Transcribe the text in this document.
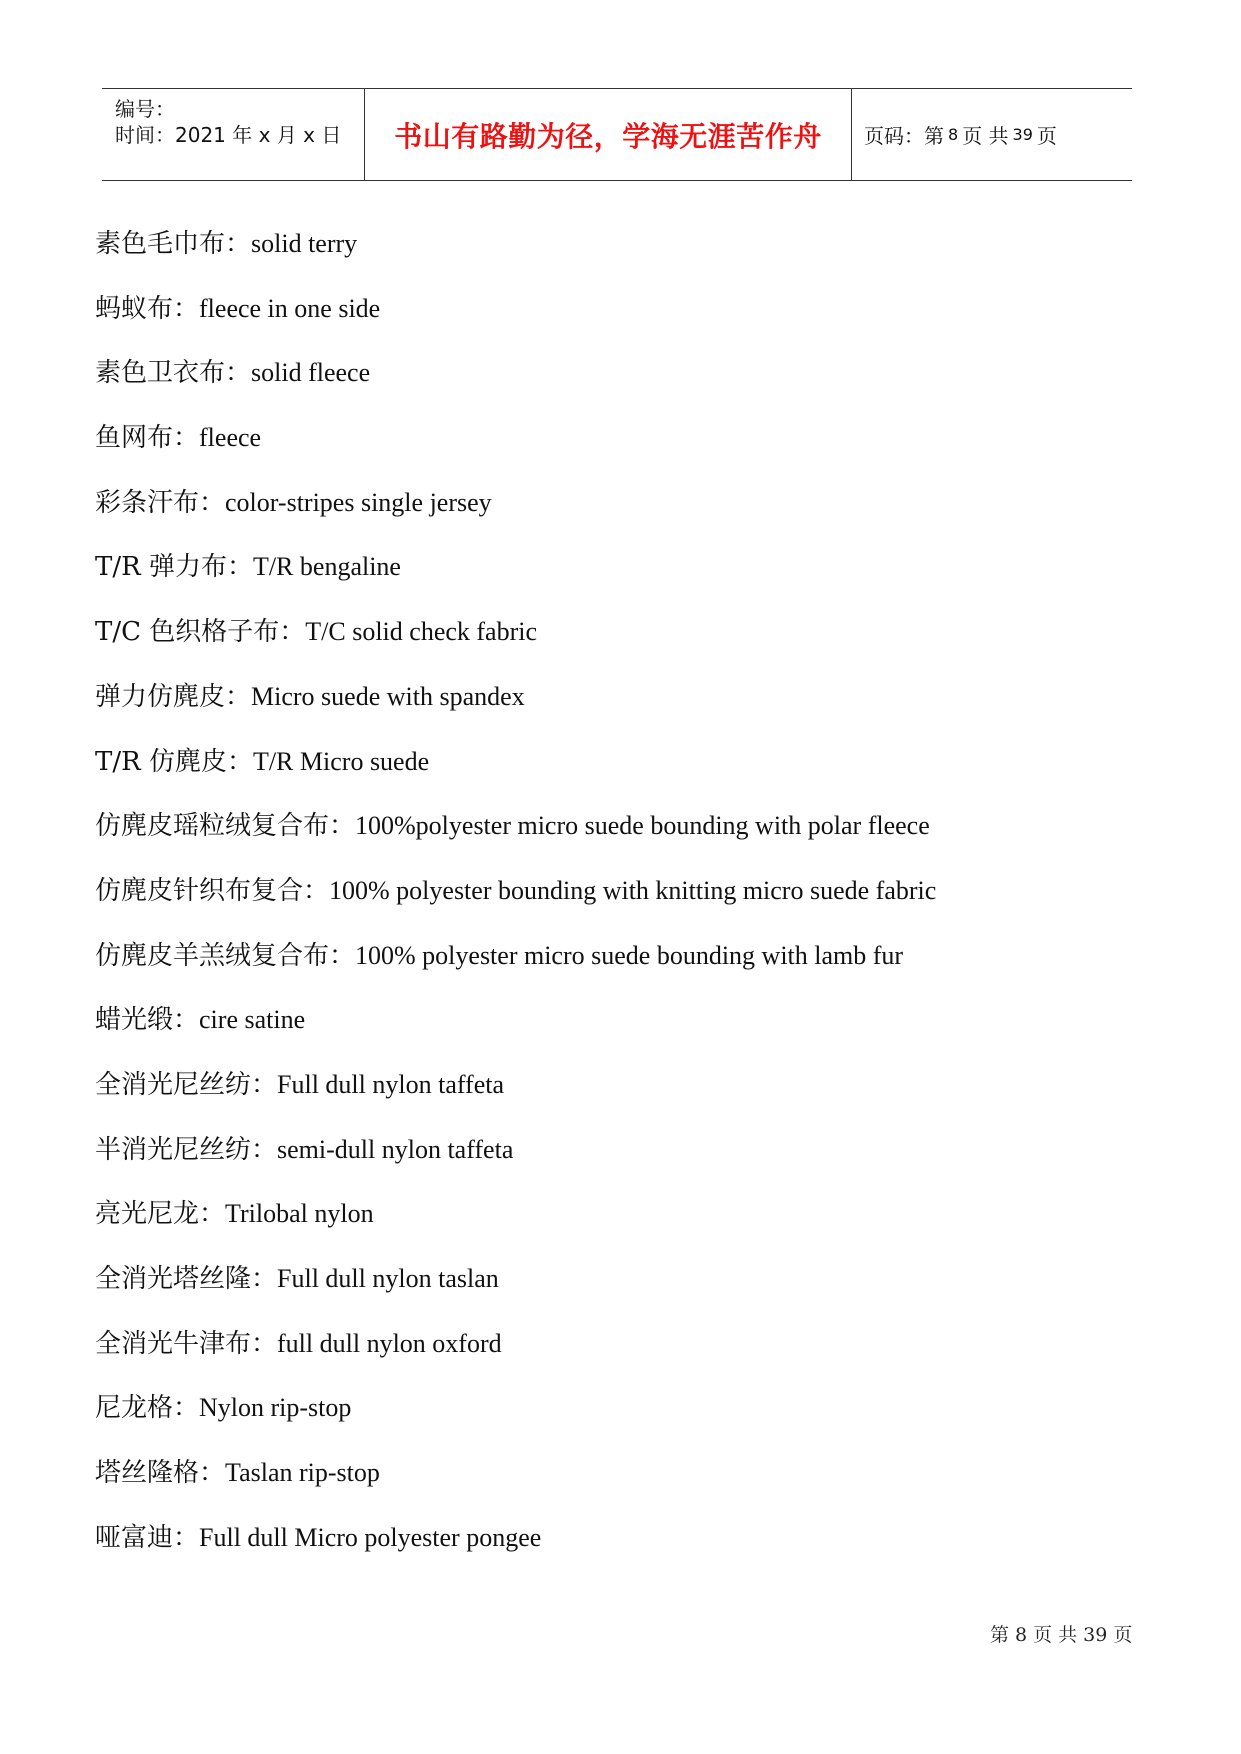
编号：
时间：2021 年 x 月 x 日 书山有路勤为径，学海无涯苦作舟 页码：第 8 页 共 39 页
素色毛巾布：solid terry
蚂蚁布：fleece in one side
素色卫衣布：solid fleece
鱼网布：fleece
彩条汗布：color-stripes single jersey
T/R 弹力布：T/R bengaline
T/C 色织格子布：T/C solid check fabric
弹力仿麂皮：Micro suede with spandex
T/R 仿麂皮：T/R Micro suede
仿麂皮瑶粒绒复合布：100%polyester micro suede bounding with polar fleece
仿麂皮针织布复合：100% polyester bounding with knitting micro suede fabric
仿麂皮羊羔绒复合布：100% polyester micro suede bounding with lamb fur
蜡光缎：cire satine
全消光尼丝纺：Full dull nylon taffeta
半消光尼丝纺：semi-dull nylon taffeta
亮光尼龙：Trilobal nylon
全消光塔丝隆：Full dull nylon taslan
全消光牛津布：full dull nylon oxford
尼龙格：Nylon rip-stop
塔丝隆格：Taslan rip-stop
哑富迪：Full dull Micro polyester pongee
第 8 页 共 39 页
